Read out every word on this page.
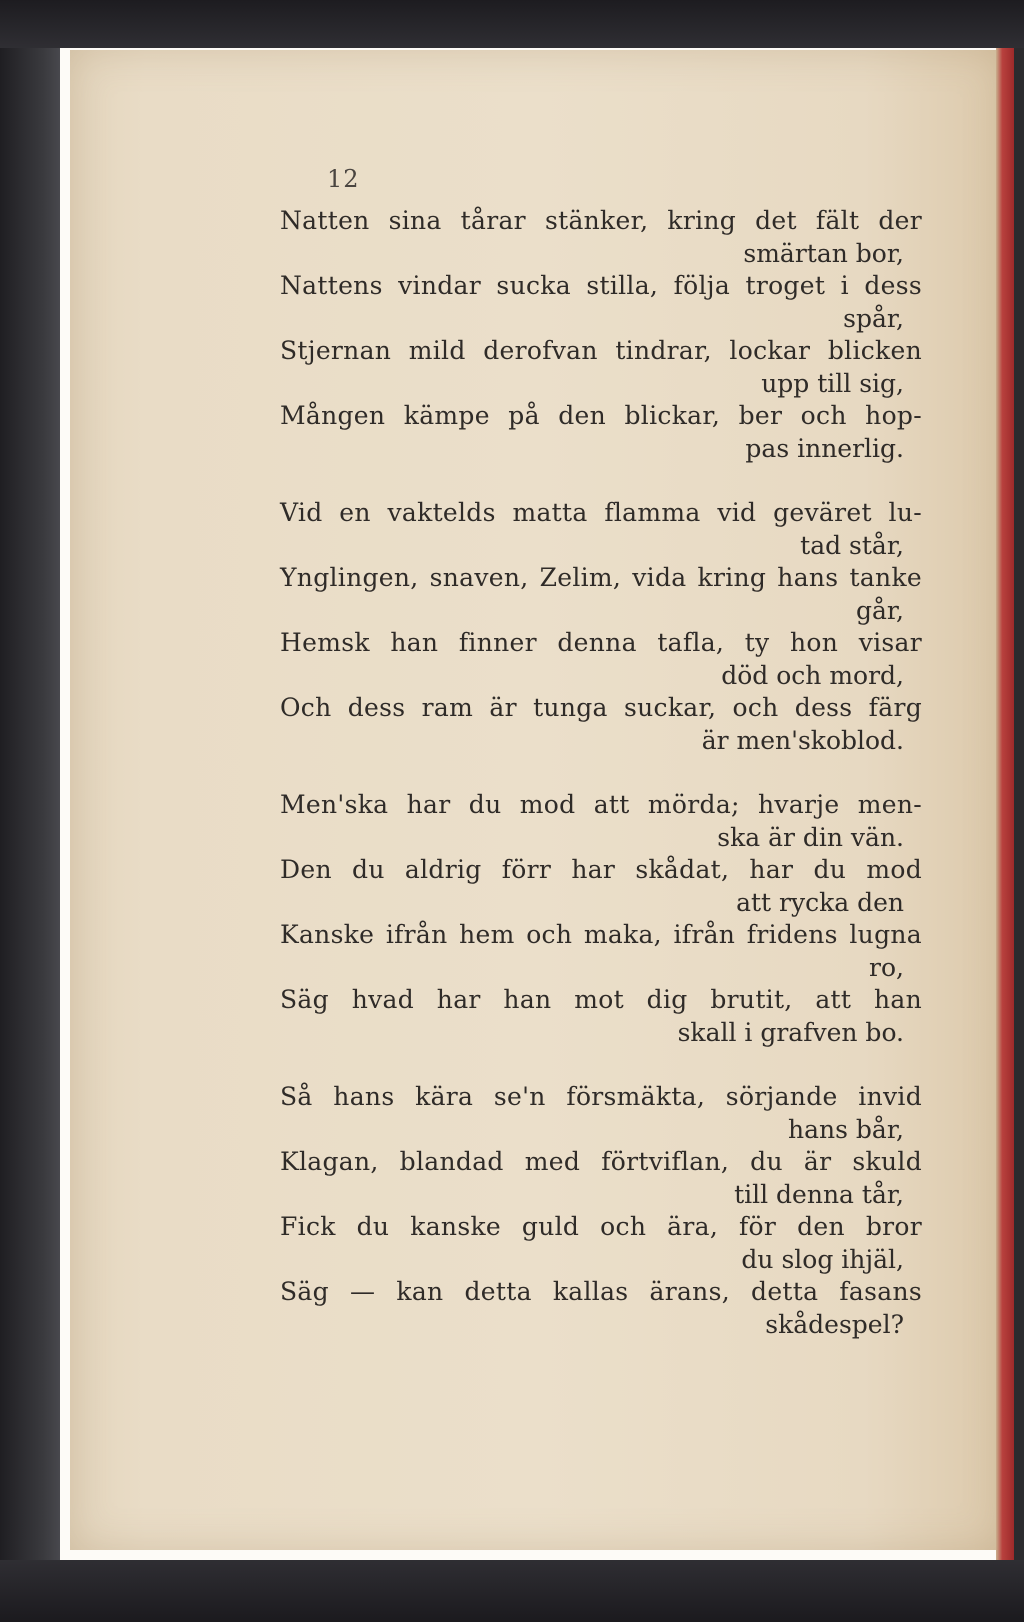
12
Natten sina tårar stänker, kring det fält der
smärtan bor,
Nattens vindar sucka stilla, följa troget i dess
spår,
Stjernan mild derofvan tindrar, lockar blicken
upp till sig,
Mången kämpe på den blickar, ber och hop-
pas innerlig.
Vid en vaktelds matta flamma vid geväret lu-
tad står,
Ynglingen, snaven, Zelim, vida kring hans tanke
går,
Hemsk han finner denna tafla, ty hon visar
död och mord,
Och dess ram är tunga suckar, och dess färg
är men'skoblod.
Men'ska har du mod att mörda; hvarje men-
ska är din vän.
Den du aldrig förr har skådat, har du mod
att rycka den
Kanske ifrån hem och maka, ifrån fridens lugna
ro,
Säg hvad har han mot dig brutit, att han
skall i grafven bo.
Så hans kära se'n försmäkta, sörjande invid
hans bår,
Klagan, blandad med förtviflan, du är skuld
till denna tår,
Fick du kanske guld och ära, för den bror
du slog ihjäl,
Säg — kan detta kallas ärans, detta fasans
skådespel?
